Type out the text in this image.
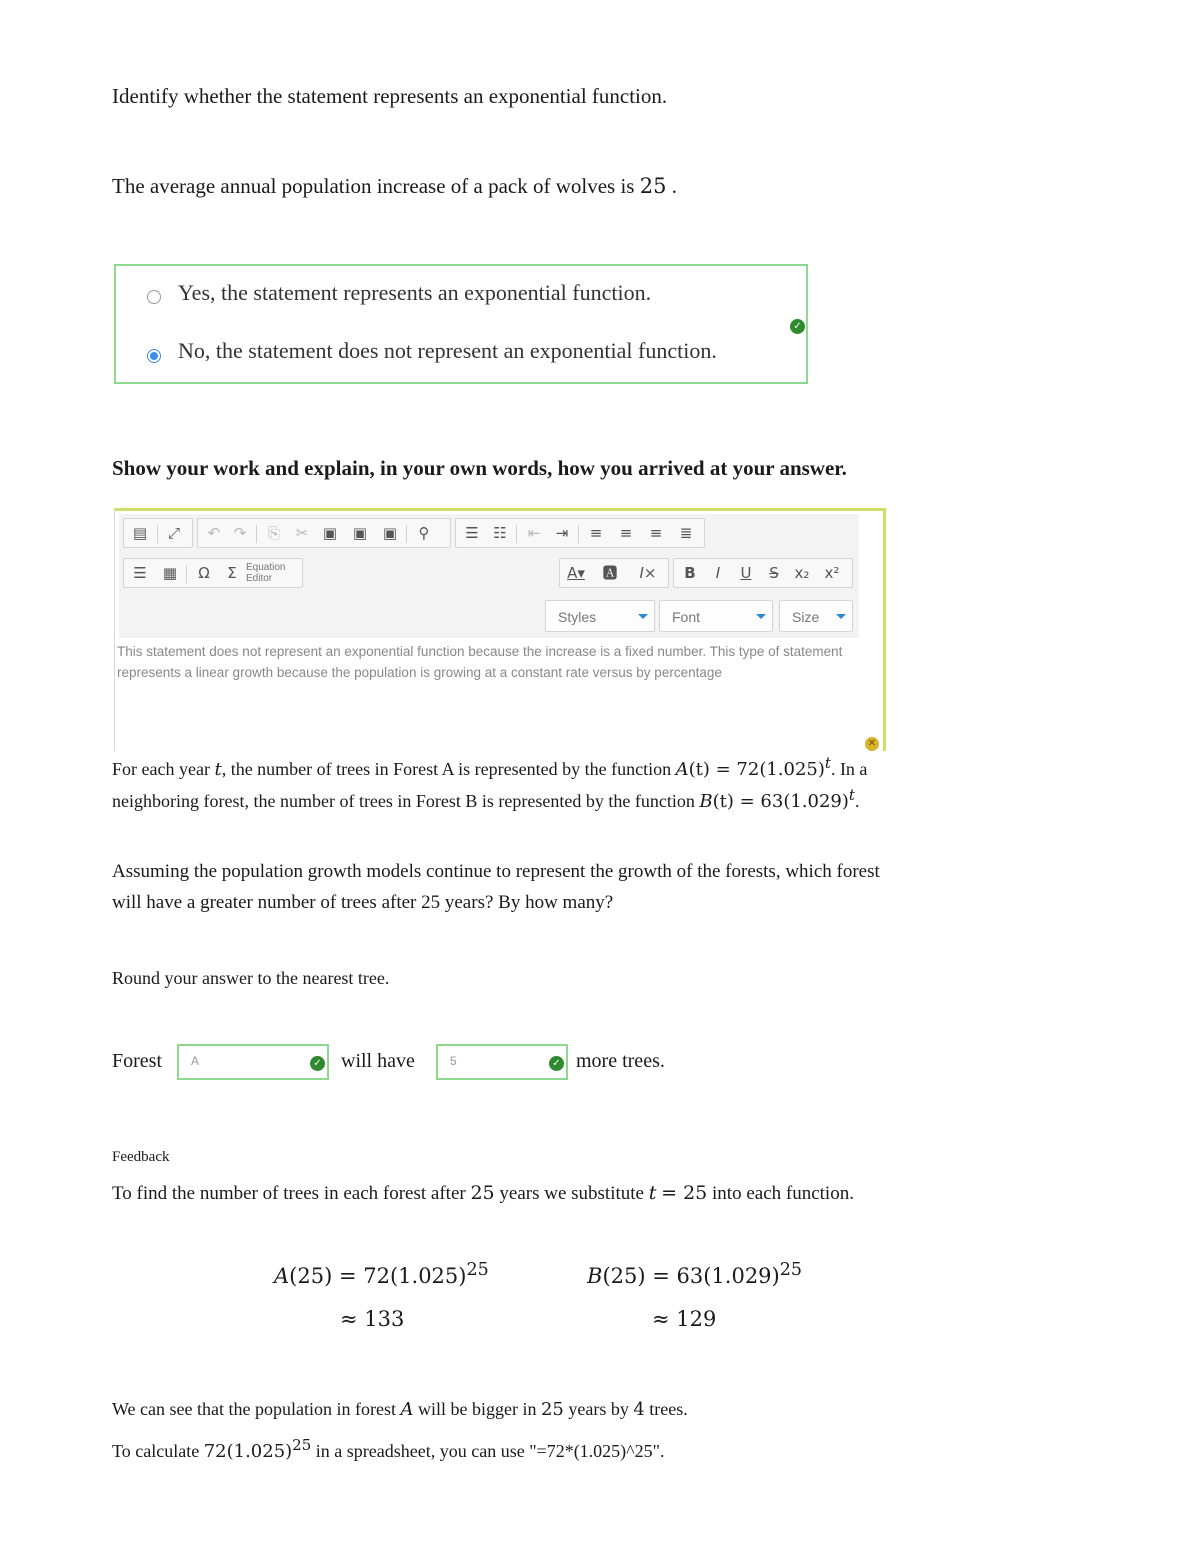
Identify whether the statement represents an exponential function.
The average annual population increase of a pack of wolves is 25 .
Yes, the statement represents an exponential function.
No, the statement does not represent an exponential function.
✓
Show your work and explain, in your own words, how you arrived at your answer.
▤	⤢	↶ ↷	⎘	✂ ▣	▣	▣	⚲	☰ ☷	⇤	⇥	≡	≡	≡	≣
☰	▦	Ω	Σ Equation
Editor	A▾ 🅰	I×	B	I	U	S	x₂	x²
Styles	Font	Size
This statement does not represent an exponential function because the increase is a fixed number. This type of statement represents a linear growth because the population is growing at a constant rate versus by percentage
✕
For each year t, the number of trees in Forest A is represented by the function $A(t) = 72(1.025)^t$. In a
neighboring forest, the number of trees in Forest B is represented by the function $B(t) = 63(1.029)^t$.
Assuming the population growth models continue to represent the growth of the forests, which forest
will have a greater number of trees after 25 years? By how many?
Round your answer to the nearest tree.
Forest A	✓ will have	5	✓ more trees.
Feedback
To find the number of trees in each forest after 25 years we substitute t = 25 into each function.
$A(25) = 72(1.025)^{25}$
≈ 133
$B(25) = 63(1.029)^{25}$
≈ 129
We can see that the population in forest A will be bigger in 25 years by 4 trees.
To calculate $72(1.025)^{25}$ in a spreadsheet, you can use "=72*(1.025)^25".
